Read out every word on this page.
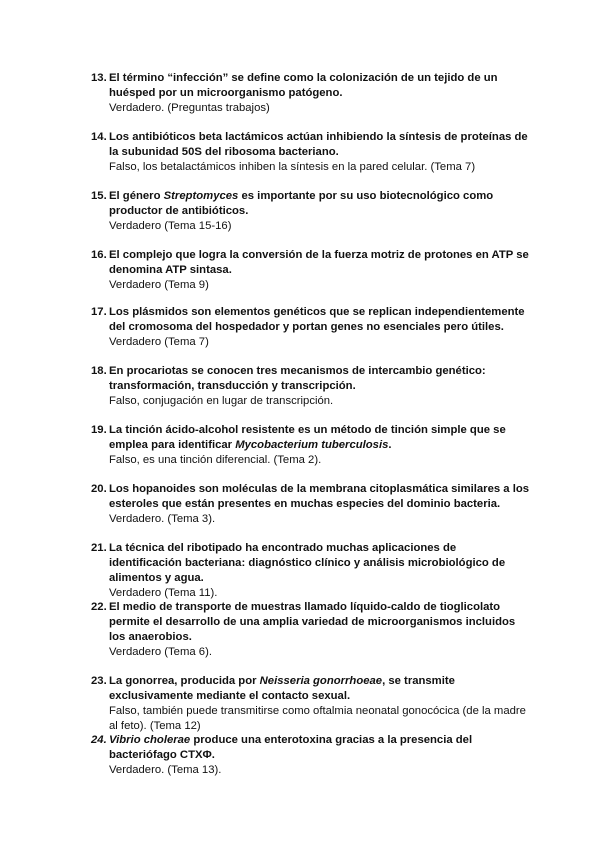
13. El término “infección” se define como la colonización de un tejido de un huésped por un microorganismo patógeno.
Verdadero. (Preguntas trabajos)
14. Los antibióticos beta lactámicos actúan inhibiendo la síntesis de proteínas de la subunidad 50S del ribosoma bacteriano.
Falso, los betalactámicos inhiben la síntesis en la pared celular. (Tema 7)
15. El género Streptomyces es importante por su uso biotecnológico como productor de antibióticos.
Verdadero (Tema 15-16)
16. El complejo que logra la conversión de la fuerza motriz de protones en ATP se denomina ATP sintasa.
Verdadero (Tema 9)
17. Los plásmidos son elementos genéticos que se replican independientemente del cromosoma del hospedador y portan genes no esenciales pero útiles.
Verdadero (Tema 7)
18. En procariotas se conocen tres mecanismos de intercambio genético: transformación, transducción y transcripción.
Falso, conjugación en lugar de transcripción.
19. La tinción ácido-alcohol resistente es un método de tinción simple que se emplea para identificar Mycobacterium tuberculosis.
Falso, es una tinción diferencial. (Tema 2).
20. Los hopanoides son moléculas de la membrana citoplasmática similares a los esteroles que están presentes en muchas especies del dominio bacteria.
Verdadero. (Tema 3).
21. La técnica del ribotipado ha encontrado muchas aplicaciones de identificación bacteriana: diagnóstico clínico y análisis microbiológico de alimentos y agua.
Verdadero (Tema 11).
22. El medio de transporte de muestras llamado líquido-caldo de tioglicolato permite el desarrollo de una amplia variedad de microorganismos incluidos los anaerobios.
Verdadero (Tema 6).
23. La gonorrea, producida por Neisseria gonorrhoeae, se transmite exclusivamente mediante el contacto sexual.
Falso, también puede transmitirse como oftalmia neonatal gonocócica (de la madre al feto). (Tema 12)
24. Vibrio cholerae produce una enterotoxina gracias a la presencia del bacteriófago CTXΦ.
Verdadero. (Tema 13).
